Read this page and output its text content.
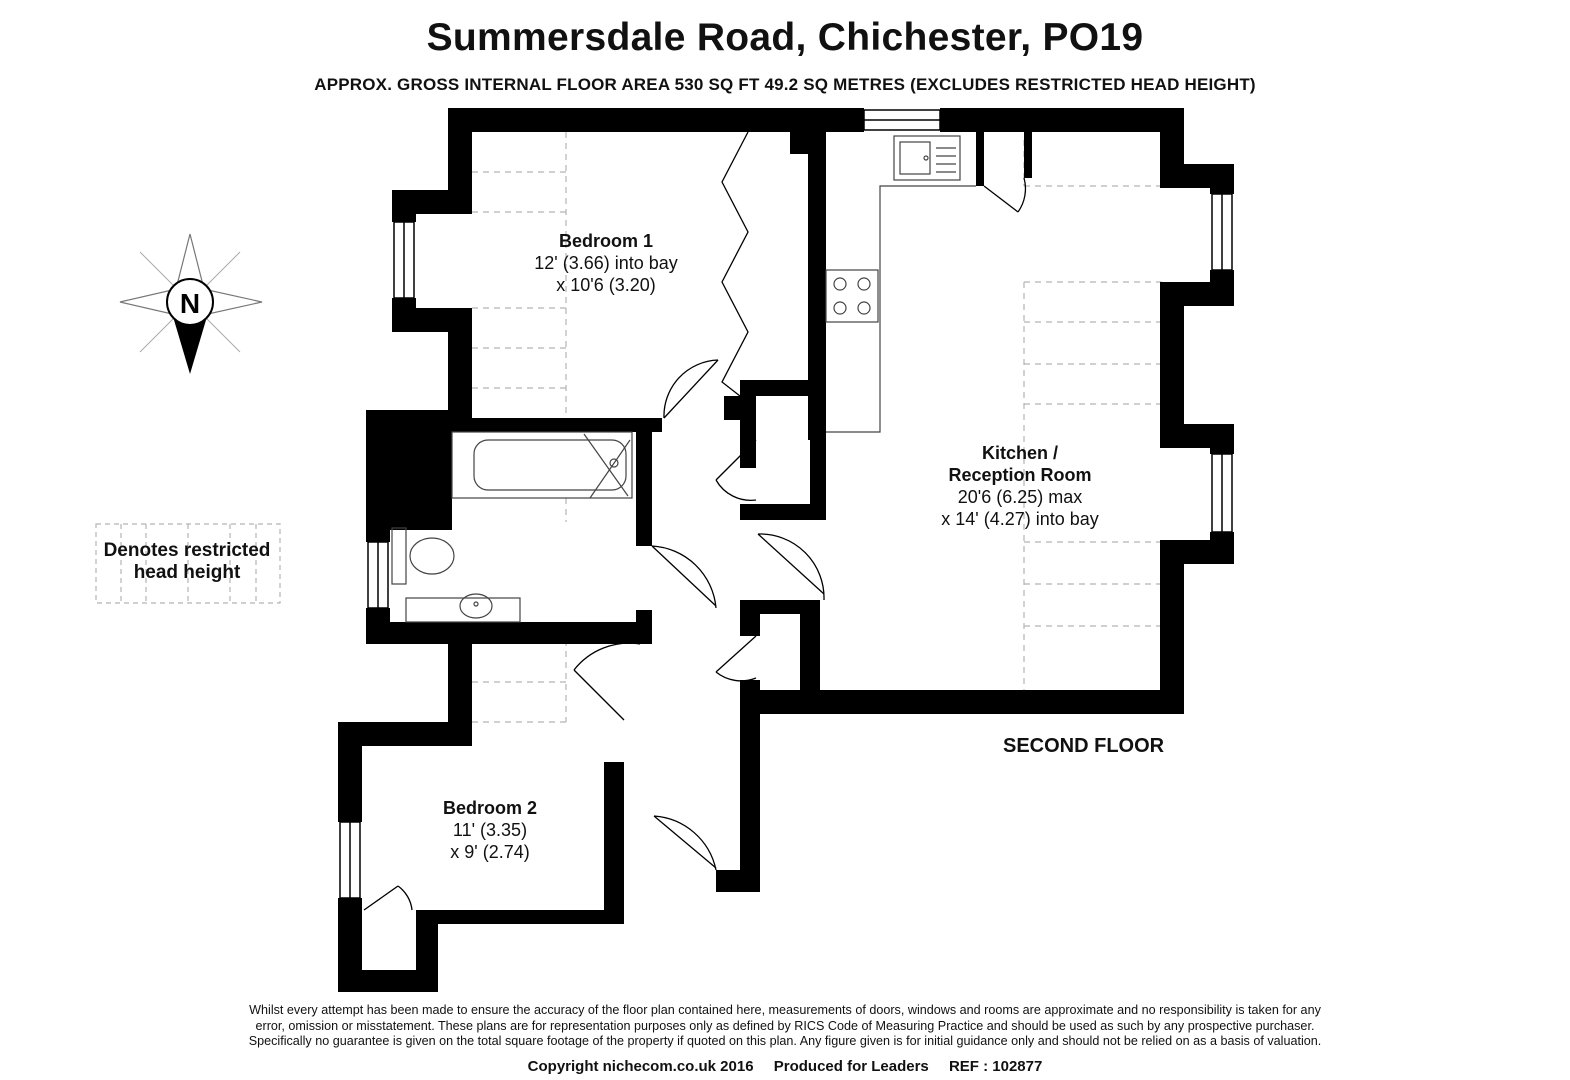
Summersdale Road, Chichester, PO19
APPROX. GROSS INTERNAL FLOOR AREA 530 SQ FT 49.2 SQ METRES (EXCLUDES RESTRICTED HEAD HEIGHT)
N
Bedroom 1
12' (3.66) into bay
x 10'6 (3.20)
Kitchen /
Reception Room
20'6 (6.25) max
x 14' (4.27) into bay
Bedroom 2
11' (3.35)
x 9' (2.74)
SECOND FLOOR
Denotes restricted
head height
Whilst every attempt has been made to ensure the accuracy of the floor plan contained here, measurements of doors, windows and rooms are approximate and no responsibility is taken for any
error, omission or misstatement. These plans are for representation purposes only as defined by RICS Code of Measuring Practice and should be used as such by any prospective purchaser.
Specifically no guarantee is given on the total square footage of the property if quoted on this plan. Any figure given is for initial guidance only and should not be relied on as a basis of valuation.
Copyright nichecom.co.uk 2016 Produced for Leaders REF : 102877
